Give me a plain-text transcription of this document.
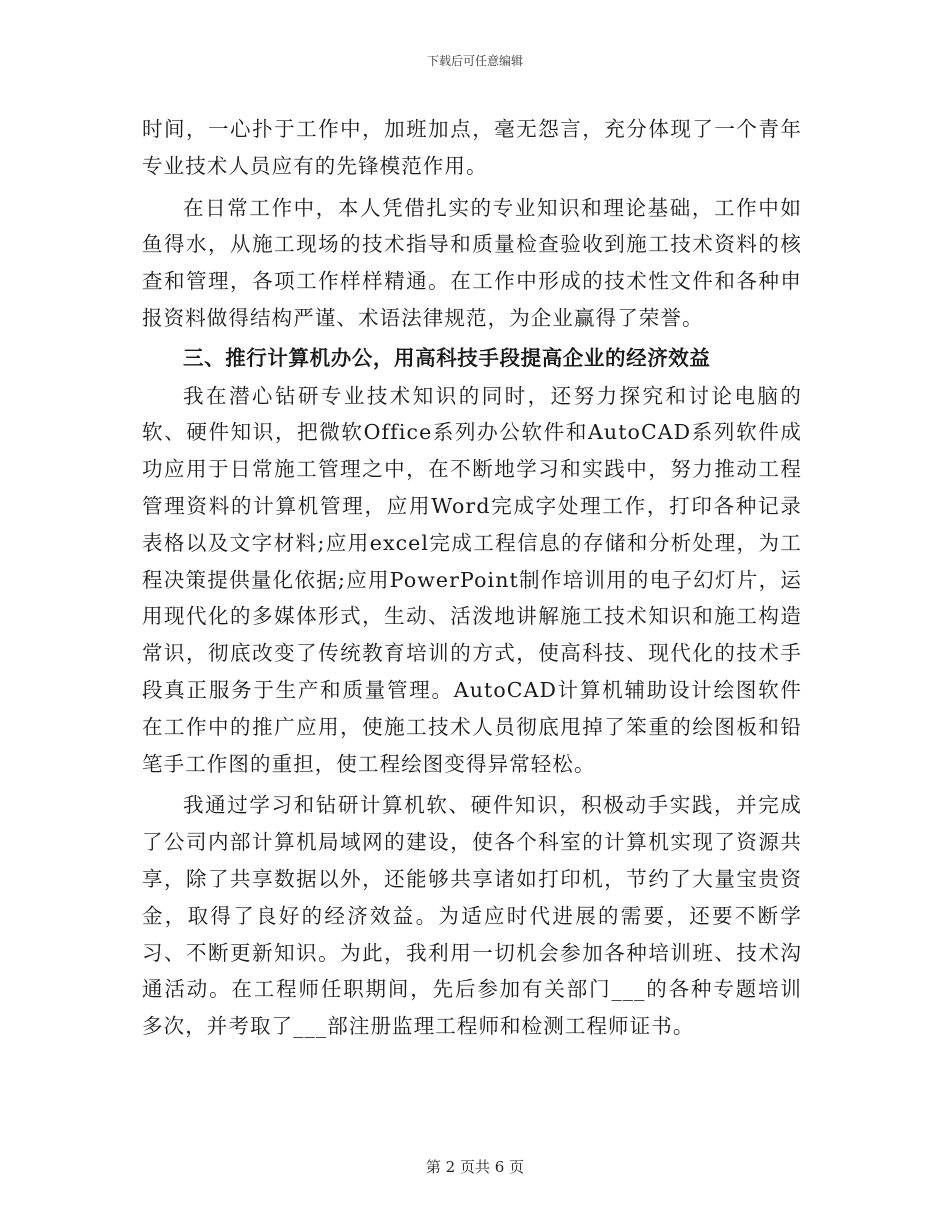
下载后可任意编辑

时间，一心扑于工作中，加班加点，毫无怨言，充分体现了一个青年专业技术人员应有的先锋模范作用。

在日常工作中，本人凭借扎实的专业知识和理论基础，工作中如鱼得水，从施工现场的技术指导和质量检查验收到施工技术资料的核查和管理，各项工作样样精通。在工作中形成的技术性文件和各种申报资料做得结构严谨、术语法律规范，为企业赢得了荣誉。

三、推行计算机办公，用高科技手段提高企业的经济效益

我在潜心钻研专业技术知识的同时，还努力探究和讨论电脑的软、硬件知识，把微软Office系列办公软件和AutoCAD系列软件成功应用于日常施工管理之中，在不断地学习和实践中，努力推动工程管理资料的计算机管理，应用Word完成字处理工作，打印各种记录表格以及文字材料;应用excel完成工程信息的存储和分析处理，为工程决策提供量化依据;应用PowerPoint制作培训用的电子幻灯片，运用现代化的多媒体形式，生动、活泼地讲解施工技术知识和施工构造常识，彻底改变了传统教育培训的方式，使高科技、现代化的技术手段真正服务于生产和质量管理。AutoCAD计算机辅助设计绘图软件在工作中的推广应用，使施工技术人员彻底甩掉了笨重的绘图板和铅笔手工作图的重担，使工程绘图变得异常轻松。

我通过学习和钻研计算机软、硬件知识，积极动手实践，并完成了公司内部计算机局域网的建设，使各个科室的计算机实现了资源共享，除了共享数据以外，还能够共享诸如打印机，节约了大量宝贵资金，取得了良好的经济效益。为适应时代进展的需要，还要不断学习、不断更新知识。为此，我利用一切机会参加各种培训班、技术沟通活动。在工程师任职期间，先后参加有关部门___的各种专题培训多次，并考取了___部注册监理工程师和检测工程师证书。

第 2 页共 6 页
